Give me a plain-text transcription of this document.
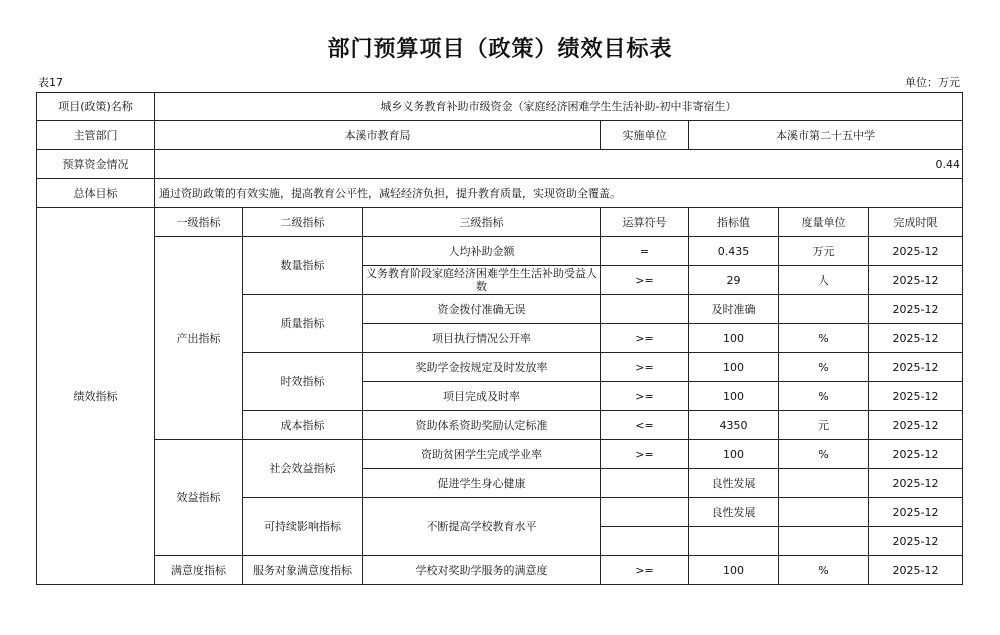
部门预算项目（政策）绩效目标表
表17	单位：万元
项目(政策)名称	城乡义务教育补助市级资金（家庭经济困难学生生活补助-初中非寄宿生）						
主管部门	本溪市教育局			实施单位	本溪市第二十五中学		
预算资金情况	0.44						
总体目标	通过资助政策的有效实施，提高教育公平性，减轻经济负担，提升教育质量，实现资助全覆盖。						
绩效指标	一级指标	二级指标	三级指标	运算符号	指标值	度量单位	完成时限
	产出指标	数量指标	人均补助金额	=	0.435	万元	2025-12
			义务教育阶段家庭经济困难学生生活补助受益人数	>=	29	人	2025-12
		质量指标	资金拨付准确无误		及时准确		2025-12
			项目执行情况公开率	>=	100	%	2025-12
		时效指标	奖助学金按规定及时发放率	>=	100	%	2025-12
			项目完成及时率	>=	100	%	2025-12
		成本指标	资助体系资助奖励认定标准	<=	4350	元	2025-12
	效益指标	社会效益指标	资助贫困学生完成学业率	>=	100	%	2025-12
			促进学生身心健康		良性发展		2025-12
		可持续影响指标	不断提高学校教育水平		良性发展		2025-12
							2025-12
	满意度指标	服务对象满意度指标	学校对奖助学服务的满意度	>=	100	%	2025-12
